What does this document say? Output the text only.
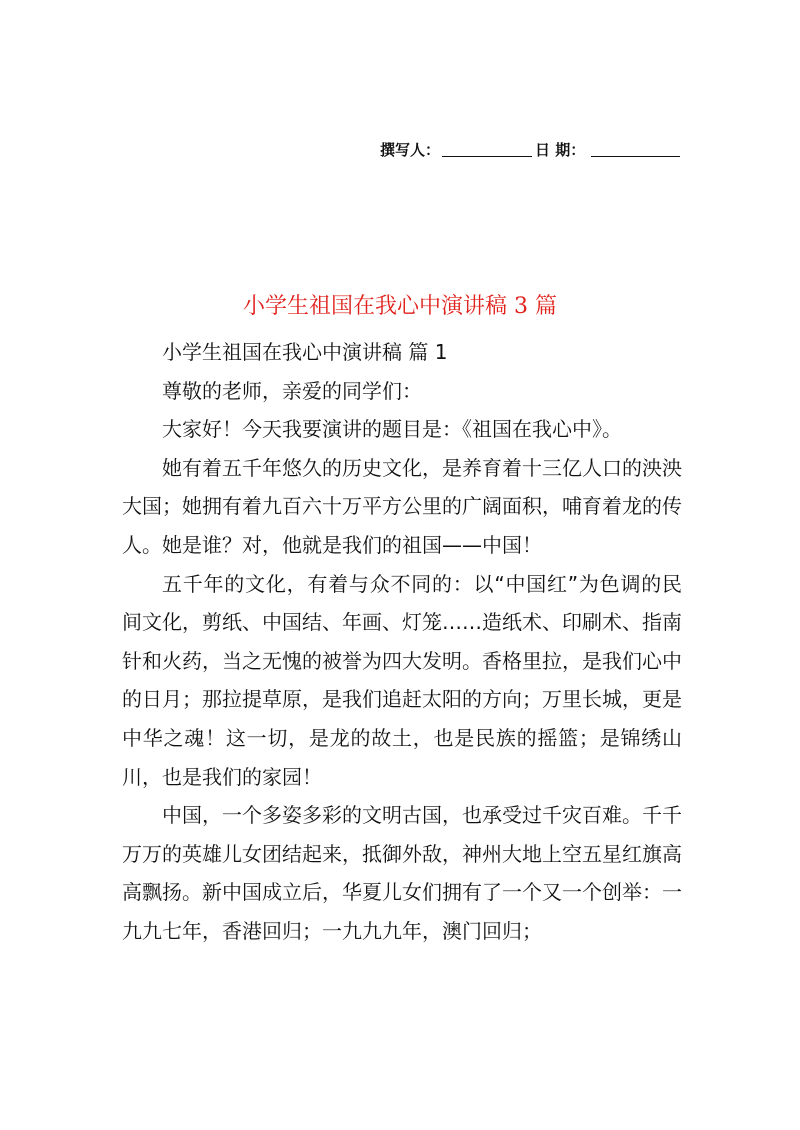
撰写人：	日 期：
小学生祖国在我心中演讲稿 3 篇

小学生祖国在我心中演讲稿 篇 1

尊敬的老师，亲爱的同学们：

大家好！今天我要演讲的题目是：《祖国在我心中》。

她有着五千年悠久的历史文化，是养育着十三亿人口的泱泱大国；她拥有着九百六十万平方公里的广阔面积，哺育着龙的传人。她是谁？对，他就是我们的祖国——中国！

五千年的文化，有着与众不同的：以“中国红”为色调的民间文化，剪纸、中国结、年画、灯笼……造纸术、印刷术、指南针和火药，当之无愧的被誉为四大发明。香格里拉，是我们心中的日月；那拉提草原，是我们追赶太阳的方向；万里长城，更是中华之魂！这一切，是龙的故土，也是民族的摇篮；是锦绣山川，也是我们的家园！

中国，一个多姿多彩的文明古国，也承受过千灾百难。千千万万的英雄儿女团结起来，抵御外敌，神州大地上空五星红旗高高飘扬。新中国成立后，华夏儿女们拥有了一个又一个创举：一九九七年，香港回归；一九九九年，澳门回归；
